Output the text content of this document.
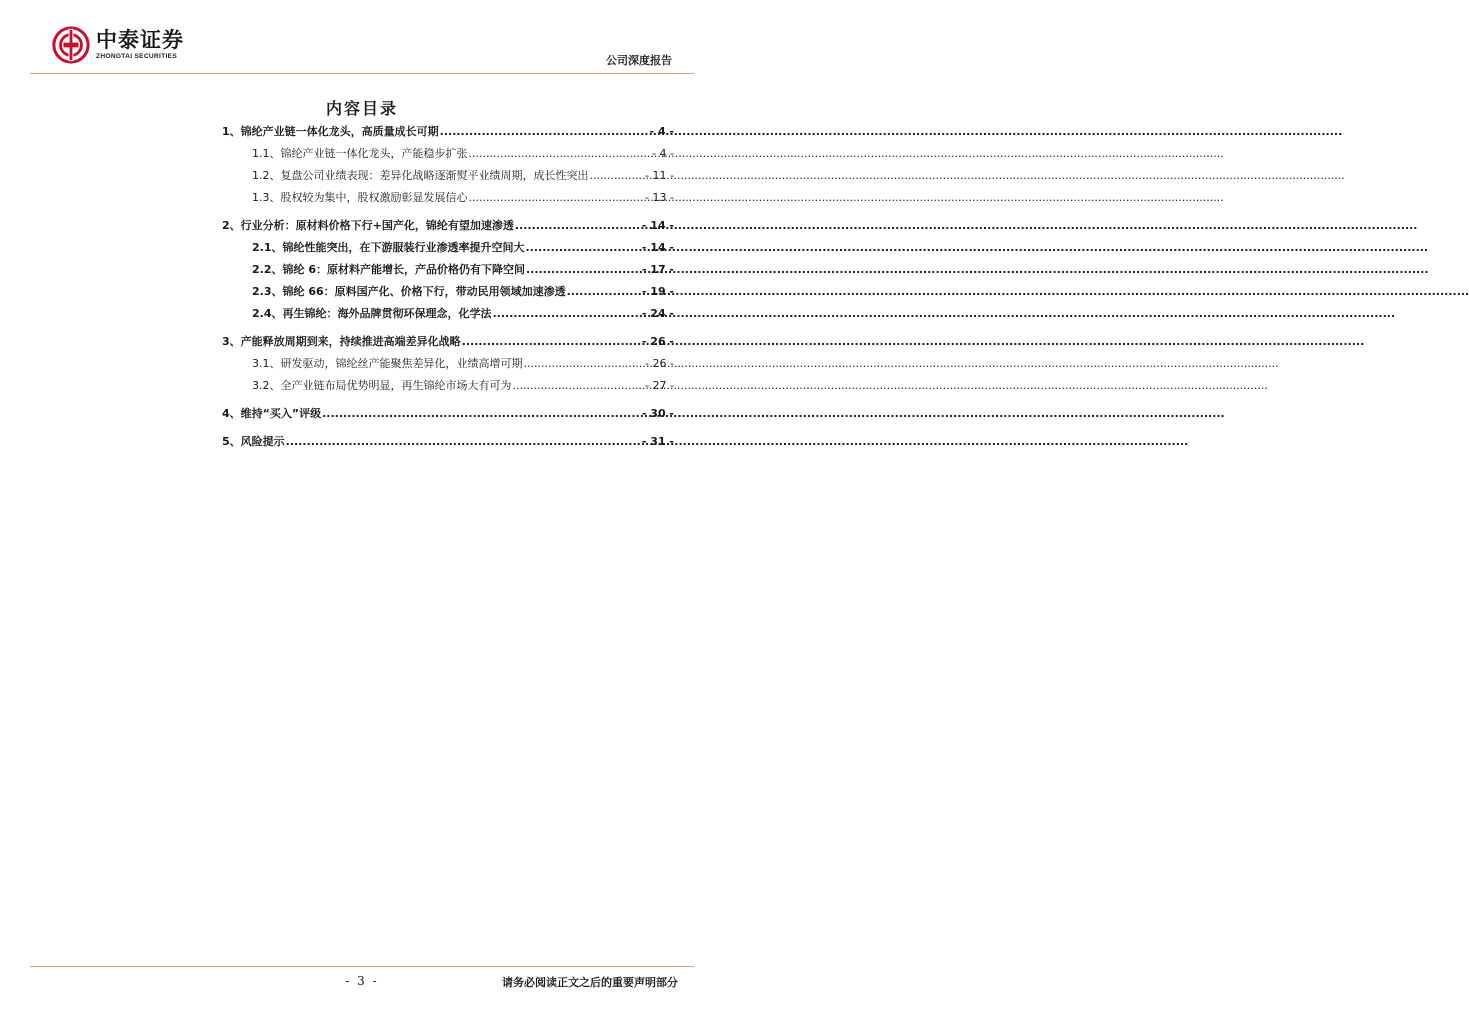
中泰证券
ZHONGTAI SECURITIES	公司深度报告
内容目录
1、锦纶产业链一体化龙头，高质量成长可期 .....	- 4 -
1.1、锦纶产业链一体化龙头，产能稳步扩张 .....	- 4 -
1.2、复盘公司业绩表现：差异化战略逐渐熨平业绩周期，成长性突出 .....	- 11 -
1.3、股权较为集中，股权激励彰显发展信心 .....	- 13 -
2、行业分析：原材料价格下行+国产化，锦纶有望加速渗透 .....	- 14 -
2.1、锦纶性能突出，在下游服装行业渗透率提升空间大 .....	- 14 -
2.2、锦纶 6：原材料产能增长，产品价格仍有下降空间 .....	- 17 -
2.3、锦纶 66：原料国产化、价格下行，带动民用领域加速渗透 .....	- 19 -
2.4、再生锦纶：海外品牌贯彻环保理念，化学法 .....	- 24 -
3、产能释放周期到来，持续推进高端差异化战略 .....	- 26 -
3.1、研发驱动，锦纶丝产能聚焦差异化，业绩高增可期 .....	- 26 -
3.2、全产业链布局优势明显，再生锦纶市场大有可为 .....	- 27 -
4、维持“买入”评级 .....	- 30 -
5、风险提示 .....	- 31 -
- 3 -	请务必阅读正文之后的重要声明部分
